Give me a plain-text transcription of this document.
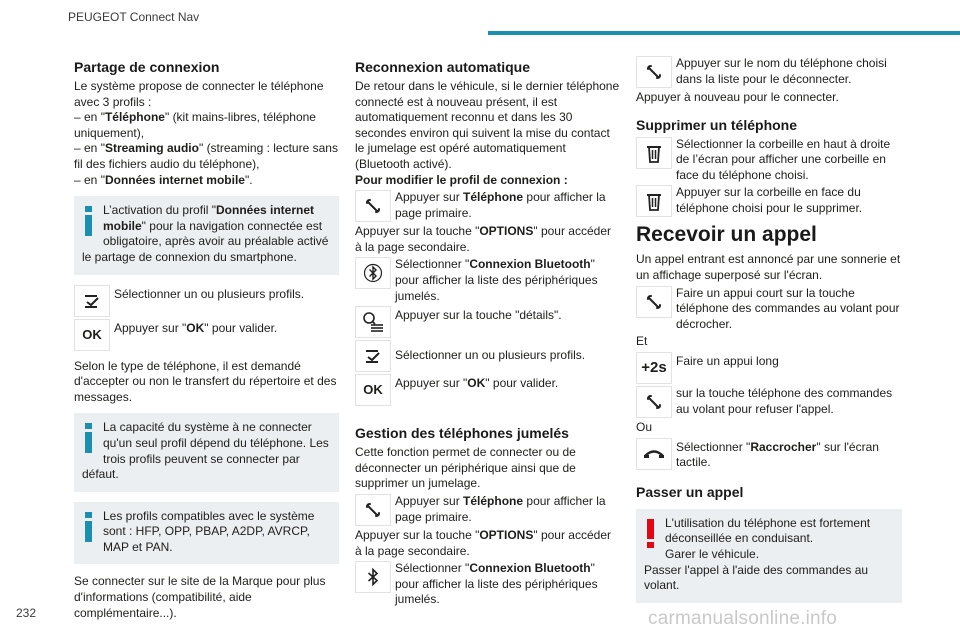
PEUGEOT Connect Nav
Partage de connexion

Le système propose de connecter le téléphone avec 3 profils :

– en "Téléphone" (kit mains-libres, téléphone uniquement),

– en "Streaming audio" (streaming : lecture sans fil des fichiers audio du téléphone),

– en "Données internet mobile".

L’activation du profil "Données internet mobile" pour la navigation connectée est obligatoire, après avoir au préalable activé le partage de connexion du smartphone.

Sélectionner un ou plusieurs profils.
OK Appuyer sur "OK" pour valider.

Selon le type de téléphone, il est demandé d'accepter ou non le transfert du répertoire et des messages.

La capacité du système à ne connecter qu'un seul profil dépend du téléphone. Les trois profils peuvent se connecter par défaut.

Les profils compatibles avec le système sont : HFP, OPP, PBAP, A2DP, AVRCP, MAP et PAN.

Se connecter sur le site de la Marque pour plus d'informations (compatibilité, aide complémentaire...).

Reconnexion automatique

De retour dans le véhicule, si le dernier téléphone connecté est à nouveau présent, il est automatiquement reconnu et dans les 30 secondes environ qui suivent la mise du contact le jumelage est opéré automatiquement (Bluetooth activé).

Pour modifier le profil de connexion :

Appuyer sur Téléphone pour afficher la page primaire.

Appuyer sur la touche "OPTIONS" pour accéder à la page secondaire.

Sélectionner "Connexion Bluetooth" pour afficher la liste des périphériques jumelés.
Appuyer sur la touche "détails".
Sélectionner un ou plusieurs profils.
OK Appuyer sur "OK" pour valider.
Gestion des téléphones jumelés

Cette fonction permet de connecter ou de déconnecter un périphérique ainsi que de supprimer un jumelage.

Appuyer sur Téléphone pour afficher la page primaire.

Appuyer sur la touche "OPTIONS" pour accéder à la page secondaire.

Sélectionner "Connexion Bluetooth" pour afficher la liste des périphériques jumelés.
Appuyer sur le nom du téléphone choisi dans la liste pour le déconnecter.

Appuyer à nouveau pour le connecter.

Supprimer un téléphone
Sélectionner la corbeille en haut à droite de l’écran pour afficher une corbeille en face du téléphone choisi.
Appuyer sur la corbeille en face du téléphone choisi pour le supprimer.
Recevoir un appel

Un appel entrant est annoncé par une sonnerie et un affichage superposé sur l'écran.

Faire un appui court sur la touche téléphone des commandes au volant pour décrocher.

Et

+2s Faire un appui long
sur la touche téléphone des commandes au volant pour refuser l'appel.

Ou

Sélectionner "Raccrocher" sur l'écran tactile.
Passer un appel

L'utilisation du téléphone est fortement déconseillée en conduisant.

Garer le véhicule.

Passer l'appel à l'aide des commandes au volant.

232	carmanualsonline.info
